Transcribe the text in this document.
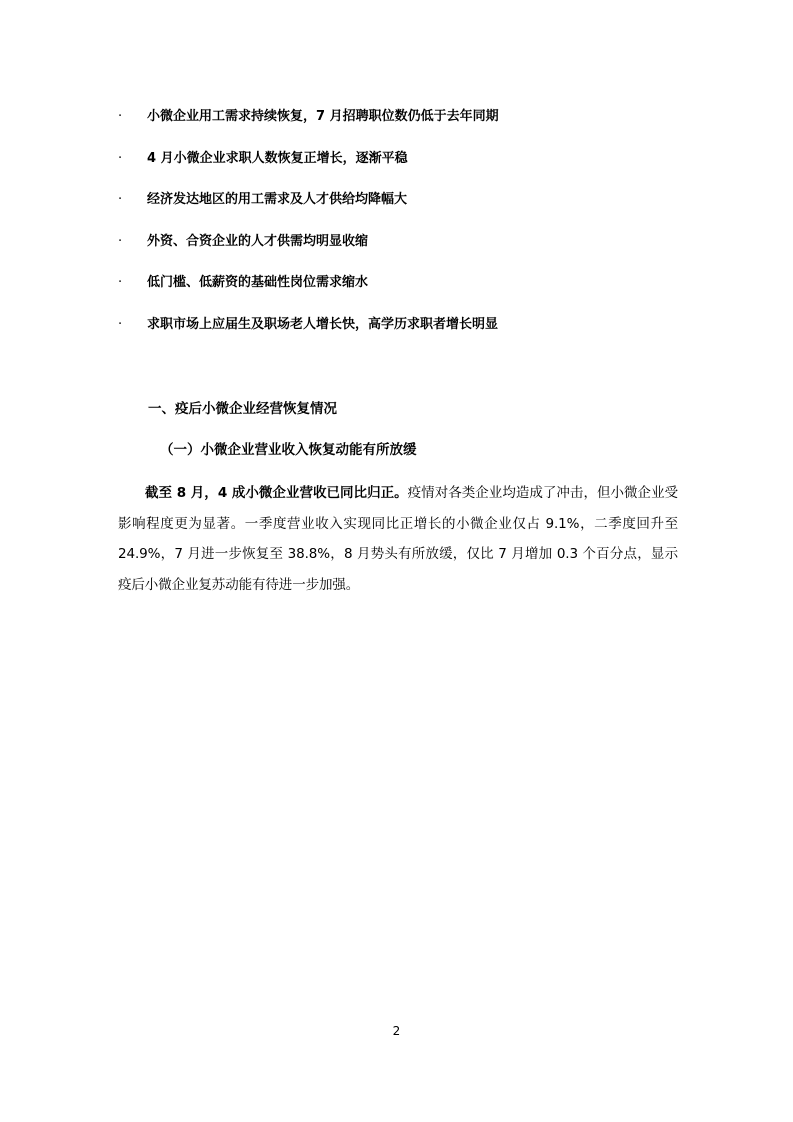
·	小微企业用工需求持续恢复，7 月招聘职位数仍低于去年同期
·	4 月小微企业求职人数恢复正增长，逐渐平稳
·	经济发达地区的用工需求及人才供给均降幅大
·	外资、合资企业的人才供需均明显收缩
·	低门槛、低薪资的基础性岗位需求缩水
·	求职市场上应届生及职场老人增长快，高学历求职者增长明显
一、疫后小微企业经营恢复情况
（一）小微企业营业收入恢复动能有所放缓

截至 8 月，4 成小微企业营收已同比归正。疫情对各类企业均造成了冲击，但小微企业受影响程度更为显著。一季度营业收入实现同比正增长的小微企业仅占 9.1%，二季度回升至 24.9%，7 月进一步恢复至 38.8%，8 月势头有所放缓，仅比 7 月增加 0.3 个百分点，显示疫后小微企业复苏动能有待进一步加强。

2
